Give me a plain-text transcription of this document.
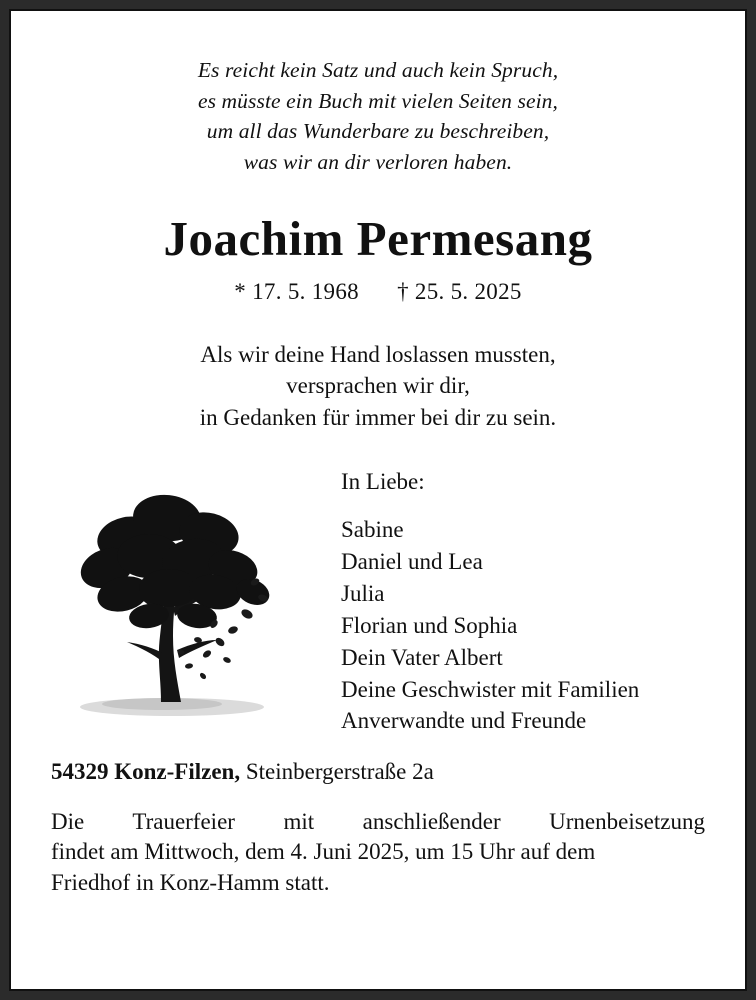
Es reicht kein Satz und auch kein Spruch,
es müsste ein Buch mit vielen Seiten sein,
um all das Wunderbare zu beschreiben,
was wir an dir verloren haben.
Joachim Permesang
* 17. 5. 1968 † 25. 5. 2025
Als wir deine Hand loslassen mussten,
versprachen wir dir,
in Gedanken für immer bei dir zu sein.
In Liebe:
Sabine
Daniel und Lea
Julia
Florian und Sophia
Dein Vater Albert
Deine Geschwister mit Familien
Anverwandte und Freunde
54329 Konz-Filzen, Steinbergerstraße 2a
Die Trauerfeier mit anschließender Urnenbeisetzung
findet am Mittwoch, dem 4. Juni 2025, um 15 Uhr auf dem
Friedhof in Konz-Hamm statt.
